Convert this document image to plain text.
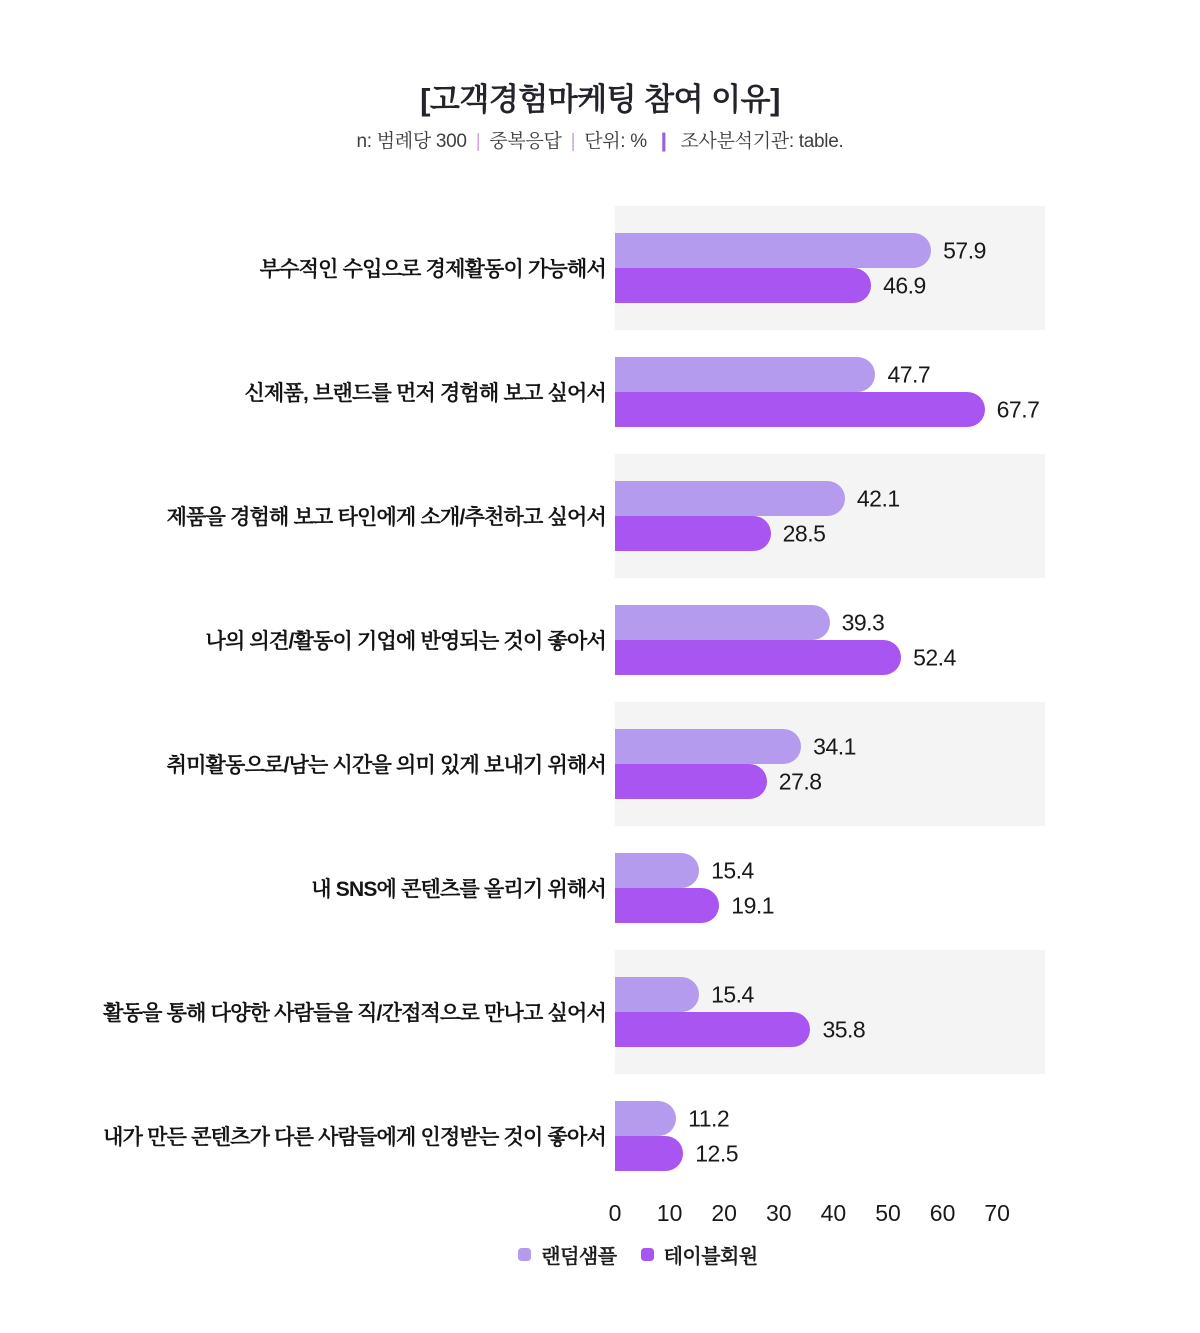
[고객경험마케팅 참여 이유]
n: 범례당 300 | 중복응답 | 단위: % ❙ 조사분석기관: table.
부수적인 수입으로 경제활동이 가능해서
57.9
46.9
신제품, 브랜드를 먼저 경험해 보고 싶어서
47.7
67.7
제품을 경험해 보고 타인에게 소개/추천하고 싶어서
42.1
28.5
나의 의견/활동이 기업에 반영되는 것이 좋아서
39.3
52.4
취미활동으로/남는 시간을 의미 있게 보내기 위해서
34.1
27.8
내 SNS에 콘텐츠를 올리기 위해서
15.4
19.1
활동을 통해 다양한 사람들을 직/간접적으로 만나고 싶어서
15.4
35.8
내가 만든 콘텐츠가 다른 사람들에게 인정받는 것이 좋아서
11.2
12.5
0 10 20 30 40 50 60 70
랜덤샘플 테이블회원
